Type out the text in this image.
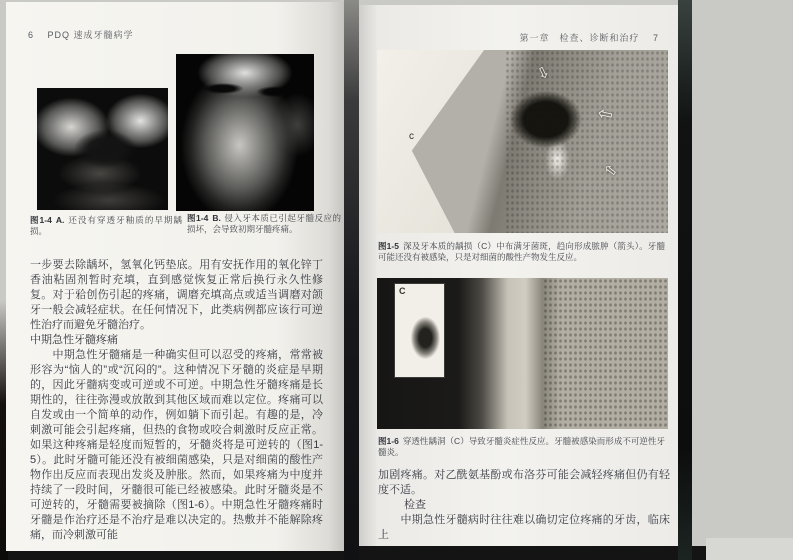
6 PDQ 速成牙髓病学
图1-4 A. 还没有穿透牙釉质的早期龋损。
图1-4 B. 侵入牙本质已引起牙髓反应的损坏，会导致初期牙髓疼痛。

一步要去除龋坏，氢氧化钙垫底。用有安抚作用的氧化锌丁香油粘固剂暂时充填，直到感觉恢复正常后换行永久性修复。对于𬌗创伤引起的疼痛，调磨充填高点或适当调磨对颌牙一般会减轻症状。在任何情况下，此类病例都应该行可逆性治疗而避免牙髓治疗。

中期急性牙髓疼痛

　　中期急性牙髓痛是一种确实但可以忍受的疼痛，常常被形容为“恼人的”或“沉闷的”。这种情况下牙髓的炎症是早期的，因此牙髓病变或可逆或不可逆。中期急性牙髓疼痛是长期性的，往往弥漫或放散到其他区域而难以定位。疼痛可以自发或由一个简单的动作，例如躺下而引起。有趣的是，冷刺激可能会引起疼痛，但热的食物或咬合刺激时反应正常。如果这种疼痛是轻度而短暂的，牙髓炎将是可逆转的（图1-5）。此时牙髓可能还没有被细菌感染，只是对细菌的酸性产物作出反应而表现出发炎及肿胀。然而，如果疼痛为中度并持续了一段时间，牙髓很可能已经被感染。此时牙髓炎是不可逆转的，牙髓需要被摘除（图1-6）。中期急性牙髓疼痛时牙髓是作治疗还是不治疗是难以决定的。热敷并不能解除疼痛，而冷刺激可能

第一章　检查、诊断和治疗 7
c
⇦
⇦
⇦
图1-5 深及牙本质的龋损（C）中布满牙菌斑，趋向形成脓肿（箭头）。牙髓可能还没有被感染，只是对细菌的酸性产物发生反应。
C
图1-6 穿透性龋洞（C）导致牙髓炎症性反应。牙髓被感染而形成不可逆性牙髓炎。

加剧疼痛。对乙酰氨基酚或布洛芬可能会减轻疼痛但仍有轻度不适。

检查

　　中期急性牙髓病时往往难以确切定位疼痛的牙齿，临床上
